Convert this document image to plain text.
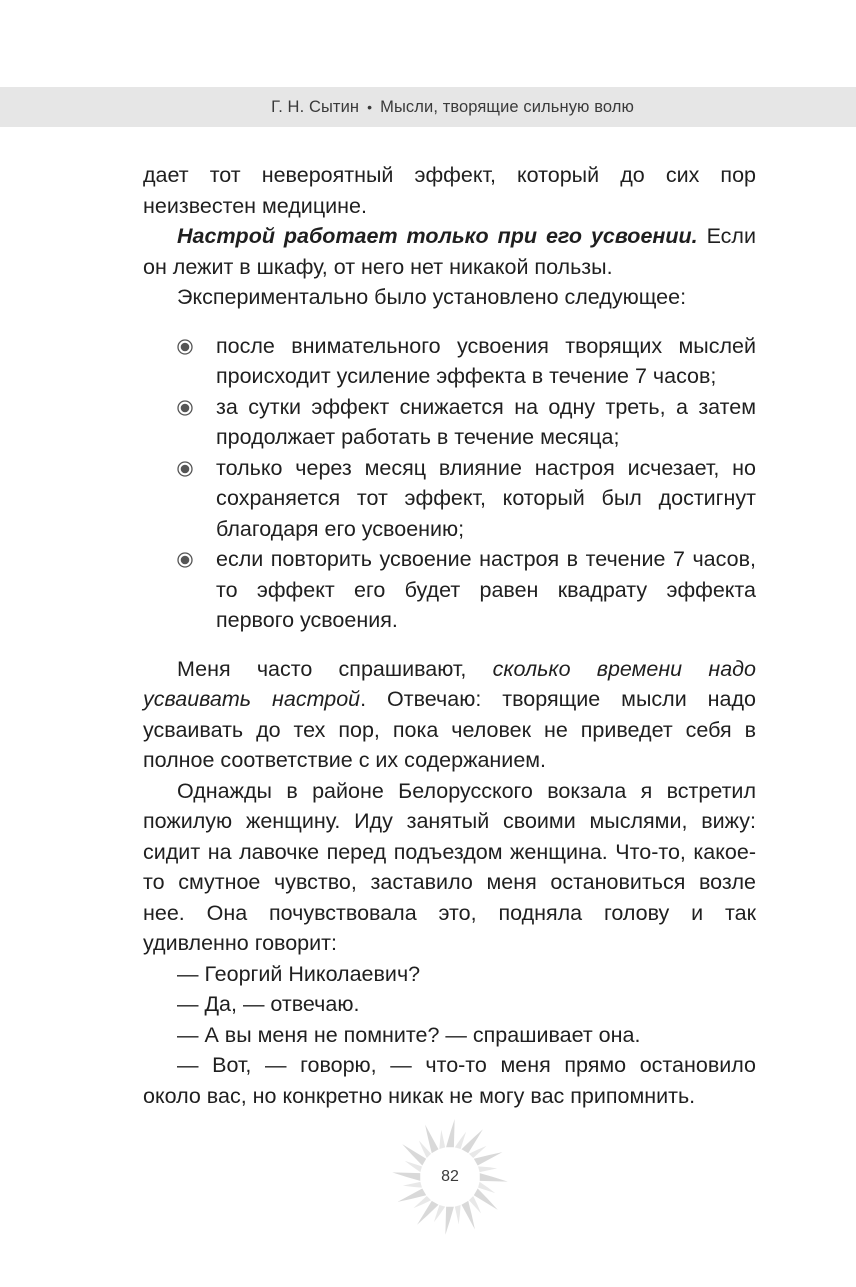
Г. Н. Сытин • Мысли, творящие сильную волю

дает тот невероятный эффект, который до сих пор неизвестен медицине.

Настрой работает только при его усвоении. Если он лежит в шкафу, от него нет никакой пользы.

Экспериментально было установлено следующее:

после внимательного усвоения творящих мыслей происходит усиление эффекта в течение 7 часов;
за сутки эффект снижается на одну треть, а затем продолжает работать в течение месяца;
только через месяц влияние настроя исчезает, но сохраняется тот эффект, который был достигнут благодаря его усвоению;
если повторить усвоение настроя в течение 7 часов, то эффект его будет равен квадрату эффекта первого усвоения.

Меня часто спрашивают, сколько времени надо усваивать настрой. Отвечаю: творящие мысли надо усваивать до тех пор, пока человек не приведет себя в полное соответствие с их содержанием.

Однажды в районе Белорусского вокзала я встретил пожилую женщину. Иду занятый своими мыслями, вижу: сидит на лавочке перед подъездом женщина. Что-то, какое-то смутное чувство, заставило меня остановиться возле нее. Она почувствовала это, подняла голову и так удивленно говорит:

— Георгий Николаевич?

— Да, — отвечаю.

— А вы меня не помните? — спрашивает она.

— Вот, — говорю, — что-то меня прямо остановило около вас, но конкретно никак не могу вас припомнить.

82
